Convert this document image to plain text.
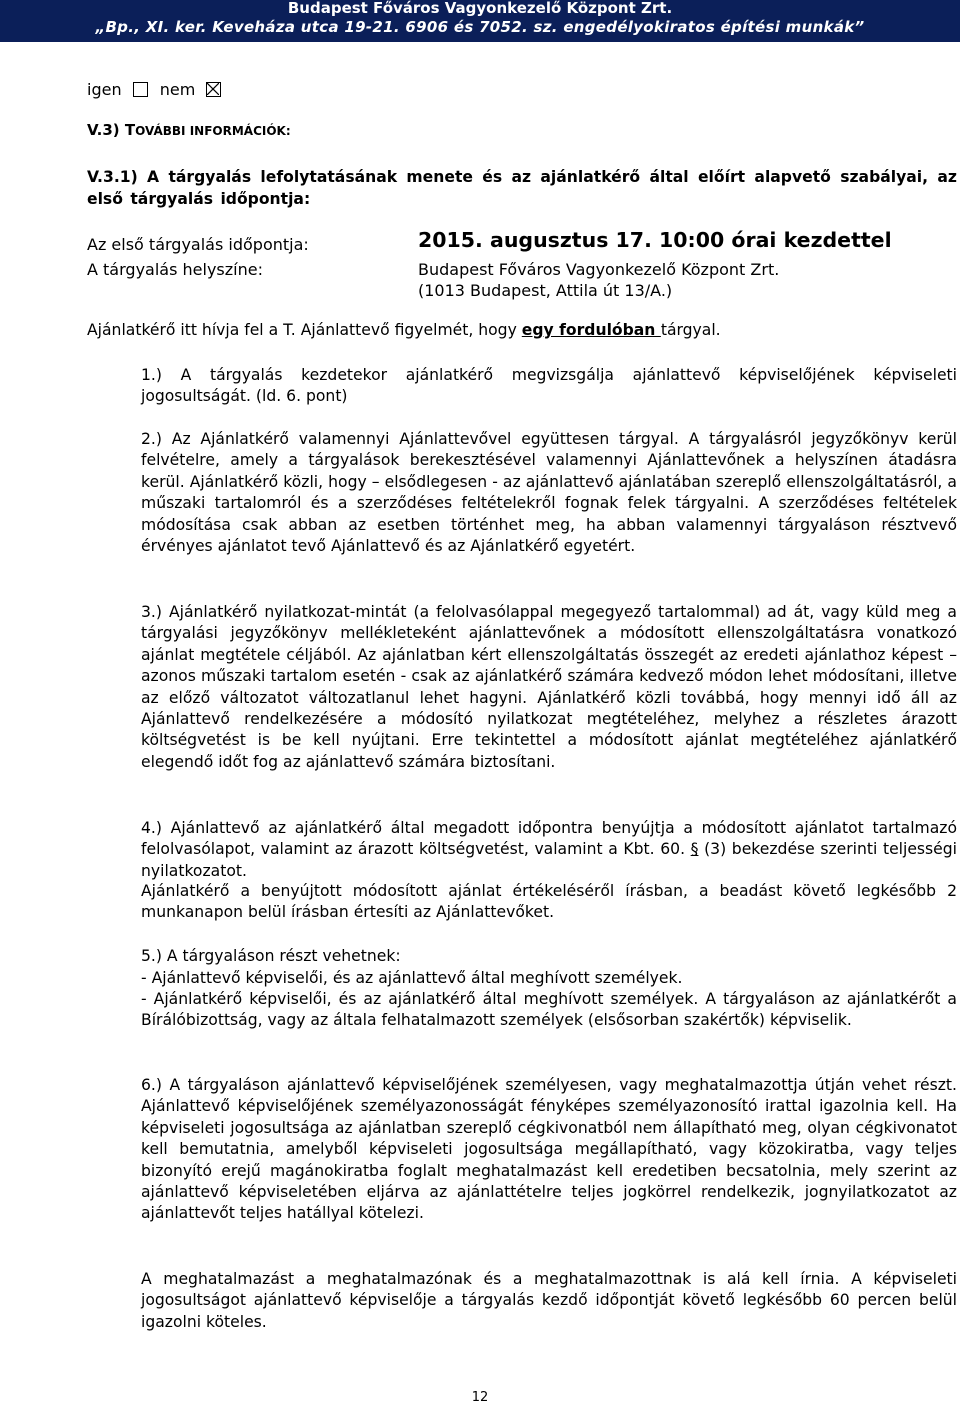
Budapest Főváros Vagyonkezelő Központ Zrt.
„Bp., XI. ker. Keveháza utca 19-21. 6906 és 7052. sz. engedélyokiratos építési munkák”
igen nem
V.3) TOVÁBBI INFORMÁCIÓK:
V.3.1) A tárgyalás lefolytatásának menete és az ajánlatkérő által előírt alapvető szabályai, az első tárgyalás időpontja:
Az első tárgyalás időpontja:	2015. augusztus 17. 10:00 órai kezdettel
A tárgyalás helyszíne:	Budapest Főváros Vagyonkezelő Központ Zrt.
(1013 Budapest, Attila út 13/A.)
Ajánlatkérő itt hívja fel a T. Ajánlattevő figyelmét, hogy egy fordulóban tárgyal.
1.) A tárgyalás kezdetekor ajánlatkérő megvizsgálja ajánlattevő képviselőjének képviseleti jogosultságát. (ld. 6. pont)
2.) Az Ajánlatkérő valamennyi Ajánlattevővel együttesen tárgyal. A tárgyalásról jegyzőkönyv kerül felvételre, amely a tárgyalások berekesztésével valamennyi Ajánlattevőnek a helyszínen átadásra kerül. Ajánlatkérő közli, hogy – elsődlegesen - az ajánlattevő ajánlatában szereplő ellenszolgáltatásról, a műszaki tartalomról és a szerződéses feltételekről fognak felek tárgyalni. A szerződéses feltételek módosítása csak abban az esetben történhet meg, ha abban valamennyi tárgyaláson résztvevő érvényes ajánlatot tevő Ajánlattevő és az Ajánlatkérő egyetért.
3.) Ajánlatkérő nyilatkozat-mintát (a felolvasólappal megegyező tartalommal) ad át, vagy küld meg a tárgyalási jegyzőkönyv mellékleteként ajánlattevőnek a módosított ellenszolgáltatásra vonatkozó ajánlat megtétele céljából. Az ajánlatban kért ellenszolgáltatás összegét az eredeti ajánlathoz képest – azonos műszaki tartalom esetén - csak az ajánlatkérő számára kedvező módon lehet módosítani, illetve az előző változatot változatlanul lehet hagyni. Ajánlatkérő közli továbbá, hogy mennyi idő áll az Ajánlattevő rendelkezésére a módosító nyilatkozat megtételéhez, melyhez a részletes árazott költségvetést is be kell nyújtani. Erre tekintettel a módosított ajánlat megtételéhez ajánlatkérő elegendő időt fog az ajánlattevő számára biztosítani.
4.) Ajánlattevő az ajánlatkérő által megadott időpontra benyújtja a módosított ajánlatot tartalmazó felolvasólapot, valamint az árazott költségvetést, valamint a Kbt. 60. § (3) bekezdése szerinti teljességi nyilatkozatot.
Ajánlatkérő a benyújtott módosított ajánlat értékeléséről írásban, a beadást követő legkésőbb 2 munkanapon belül írásban értesíti az Ajánlattevőket.
5.) A tárgyaláson részt vehetnek:
- Ajánlattevő képviselői, és az ajánlattevő által meghívott személyek.
- Ajánlatkérő képviselői, és az ajánlatkérő által meghívott személyek. A tárgyaláson az ajánlatkérőt a Bírálóbizottság, vagy az általa felhatalmazott személyek (elsősorban szakértők) képviselik.
6.) A tárgyaláson ajánlattevő képviselőjének személyesen, vagy meghatalmazottja útján vehet részt. Ajánlattevő képviselőjének személyazonosságát fényképes személyazonosító irattal igazolnia kell. Ha képviseleti jogosultsága az ajánlatban szereplő cégkivonatból nem állapítható meg, olyan cégkivonatot kell bemutatnia, amelyből képviseleti jogosultsága megállapítható, vagy közokiratba, vagy teljes bizonyító erejű magánokiratba foglalt meghatalmazást kell eredetiben becsatolnia, mely szerint az ajánlattevő képviseletében eljárva az ajánlattételre teljes jogkörrel rendelkezik, jognyilatkozatot az ajánlattevőt teljes hatállyal kötelezi.
A meghatalmazást a meghatalmazónak és a meghatalmazottnak is alá kell írnia. A képviseleti jogosultságot ajánlattevő képviselője a tárgyalás kezdő időpontját követő legkésőbb 60 percen belül igazolni köteles.
12
